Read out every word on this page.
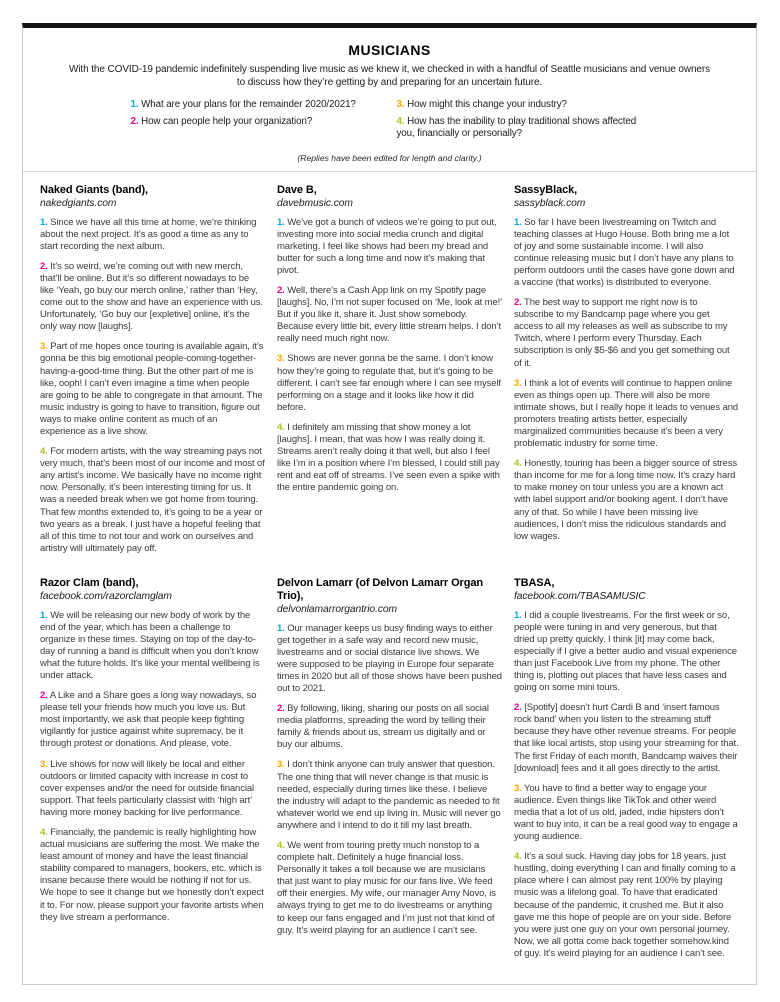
MUSICIANS

With the COVID-19 pandemic indefinitely suspending live music as we knew it, we checked in with a handful of Seattle musicians and venue owners to discuss how they’re getting by and preparing for an uncertain future.

1. What are your plans for the remainder 2020/2021?
2. How can people help your organization?
3. How might this change your industry?
4. How has the inability to play traditional shows affected you, financially or personally?

(Replies have been edited for length and clarity.)

Naked Giants (band),

nakedgiants.com

1. Since we have all this time at home, we’re thinking about the next project. It’s as good a time as any to start recording the next album.

2. It’s so weird, we’re coming out with new merch, that’ll be online. But it’s so different nowadays to be like ‘Yeah, go buy our merch online,’ rather than ‘Hey, come out to the show and have an experience with us. Unfortunately, ‘Go buy our [expletive] online, it’s the only way now [laughs].

3. Part of me hopes once touring is available again, it’s gonna be this big emotional people-coming-together-having-a-good-time thing. But the other part of me is like, ooph! I can’t even imagine a time when people are going to be able to congregate in that amount. The music industry is going to have to transition, figure out ways to make online content as much of an experience as a live show.

4. For modern artists, with the way streaming pays not very much, that’s been most of our income and most of any artist’s income. We basically have no income right now. Personally, it’s been interesting timing for us. It was a needed break when we got home from touring. That few months extended to, it’s going to be a year or two years as a break. I just have a hopeful feeling that all of this time to not tour and work on ourselves and artistry will ultimately pay off.

Dave B,

davebmusic.com

1. We’ve got a bunch of videos we’re going to put out, investing more into social media crunch and digital marketing. I feel like shows had been my bread and butter for such a long time and now it’s making that pivot.

2. Well, there’s a Cash App link on my Spotify page [laughs]. No, I’m not super focused on ‘Me, look at me!’ But if you like it, share it. Just show somebody. Because every little bit, every little stream helps. I don’t really need much right now.

3. Shows are never gonna be the same. I don’t know how they’re going to regulate that, but it’s going to be different. I can’t see far enough where I can see myself performing on a stage and it looks like how it did before.

4. I definitely am missing that show money a lot [laughs]. I mean, that was how I was really doing it. Streams aren’t really doing it that well, but also I feel like I’m in a position where I’m blessed, I could still pay rent and eat off of streams. I’ve seen even a spike with the entire pandemic going on.

SassyBlack,

sassyblack.com

1. So far I have been livestreaming on Twitch and teaching classes at Hugo House. Both bring me a lot of joy and some sustainable income. I will also continue releasing music but I don’t have any plans to perform outdoors until the cases have gone down and a vaccine (that works) is distributed to everyone.

2. The best way to support me right now is to subscribe to my Bandcamp page where you get access to all my releases as well as subscribe to my Twitch, where I perform every Thursday. Each subscription is only $5-$6 and you get something out of it.

3. I think a lot of events will continue to happen online even as things open up. There will also be more intimate shows, but I really hope it leads to venues and promoters treating artists better, especially marginalized communities because it’s been a very problematic industry for some time.

4. Honestly, touring has been a bigger source of stress than income for me for a long time now. It’s crazy hard to make money on tour unless you are a known act with label support and/or booking agent. I don’t have any of that. So while I have been missing live audiences, I don’t miss the ridiculous standards and low wages.

Razor Clam (band),

facebook.com/razorclamglam

1. We will be releasing our new body of work by the end of the year, which has been a challenge to organize in these times. Staying on top of the day-to-day of running a band is difficult when you don’t know what the future holds. It’s like your mental wellbeing is under attack.

2. A Like and a Share goes a long way nowadays, so please tell your friends how much you love us. But most importantly, we ask that people keep fighting vigilantly for justice against white supremacy, be it through protest or donations. And please, vote.

3. Live shows for now will likely be local and either outdoors or limited capacity with increase in cost to cover expenses and/or the need for outside financial support. That feels particularly classist with ‘high art’ having more money backing for live performance.

4. Financially, the pandemic is really highlighting how actual musicians are suffering the most. We make the least amount of money and have the least financial stability compared to managers, bookers, etc. which is insane because there would be nothing if not for us. We hope to see it change but we honestly don’t expect it to. For now, please support your favorite artists when they live stream a performance.

Delvon Lamarr (of Delvon Lamarr Organ Trio),

delvonlamarrorgantrio.com

1. Our manager keeps us busy finding ways to either get together in a safe way and record new music, livestreams and or social distance live shows. We were supposed to be playing in Europe four separate times in 2020 but all of those shows have been pushed out to 2021.

2. By following, liking, sharing our posts on all social media platforms, spreading the word by telling their family & friends about us, stream us digitally and or buy our albums.

3. I don’t think anyone can truly answer that question. The one thing that will never change is that music is needed, especially during times like these. I believe the industry will adapt to the pandemic as needed to fit whatever world we end up living in. Music will never go anywhere and I intend to do it till my last breath.

4. We went from touring pretty much nonstop to a complete halt. Definitely a huge financial loss. Personally it takes a toll because we are musicians that just want to play music for our fans live. We feed off their energies. My wife, our manager Amy Novo, is always trying to get me to do livestreams or anything to keep our fans engaged and I’m just not that kind of guy. It’s weird playing for an audience I can’t see.

TBASA,

facebook.com/TBASAMUSIC

1. I did a couple livestreams. For the first week or so, people were tuning in and very generous, but that dried up pretty quickly. I think [it] may come back, especially if I give a better audio and visual experience than just Facebook Live from my phone. The other thing is, plotting out places that have less cases and going on some mini tours.

2. [Spotify] doesn’t hurt Cardi B and ‘insert famous rock band’ when you listen to the streaming stuff because they have other revenue streams. For people that like local artists, stop using your streaming for that. The first Friday of each month, Bandcamp waives their [download] fees and it all goes directly to the artist.

3. You have to find a better way to engage your audience. Even things like TikTok and other weird media that a lot of us old, jaded, indie hipsters don’t want to buy into, it can be a real good way to engage a young audience.

4. It’s a soul suck. Having day jobs for 18 years, just hustling, doing everything I can and finally coming to a place where I can almost pay rent 100% by playing music was a lifelong goal. To have that eradicated because of the pandemic, it crushed me. But it also gave me this hope of people are on your side. Before you were just one guy on your own personal journey. Now, we all gotta come back together somehow.kind of guy. It’s weird playing for an audience I can’t see.
